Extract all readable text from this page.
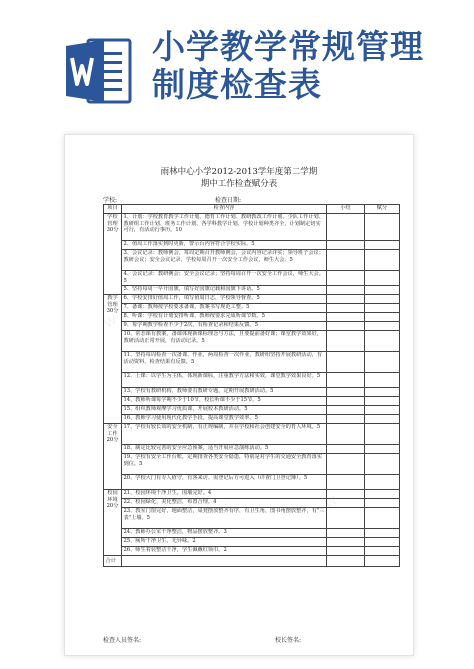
小学教学常规管理
制度检查表
W
W
雨林中心小学2012-2013学年度第二学期
期中工作检查赋分表
学校:	检查日期:
项目	检查内容	小结	赋分
学校管理30分	1、计划：学校教育教学工作计划、德育工作计划、教研教改工作计划、少队工作计划、教研组工作计划、班务工作计划、各学科教学计划、学校计划种类齐全，计划制定切实可行，有活动行事历。10		
	2、值周工作落实到时更新，警示台内容符合学校实际。5		
	3、会议记录：教师例会，每周定期召开教师例会，会议内容记录详实；领导班子会议；教研会议；安全会议记录，学校每周召开一次安全工作会议，师生大会。5		
	4、会议记录：教研例会；安全会议记录；坚持每周召开一次安全工作会议，师生大会。5		
	5、坚持每周一早升国旗，填写好国旗记载和国旗下讲话。5		
教学管理30分	6、学校安排好值周工作，填写值周日志，学校领导督查。5		
	7、备课：教师按学校要求备课，教案书写规范工整。5		
	8、听课：学校有计划安排听课，教师按要求完成听课节数。5		
	9、每学期教学检查不少于2次，有检查记录和结果反馈。5		
	10、常态课有教案，备课体现新课标理念与方法，且要提前备好课；课堂教学效果好，教研活动正常开展，有活动记录。5		
	11、坚持每周检查一次备课、作业，两周检查一次作业，教研组坚持开展教研活动，有活动资料，检查结果有反馈。5		
	12、上课：以学生为主体，体现新课标，注重教学方法和实效，课堂教学效果良好。5		
	13、学校有教研机构，教师要有教研专题，定期开展教研活动。5		
	14、教师听课每学期不少于10节，校长听课不少于15节。5		
	15、组织教师观摩学习优质课，开展校本教研活动。5		
	16、教师学习使用现代化教学手段，提高课堂教学效率。5		
安全工作20分	17、学校有较长效的安全机制，有正规编制，并在学校和社会创建安全的育人环境。5		
	18、制定比较完善的安全应急预案，适当开展应急演练活动。5		
	19、学校有安全工作台账，定期排查各类安全隐患，特别是对学生的交通安全教育落实到位。5		
	20、学校大门有专人值守，有客来访、需登记后方可进入（详查门卫登记簿）。5		
校园环境20分	21、校园环境干净卫生，围墙完好。4		
	22、校园绿化、美化整洁，布置合理。4		
	23、教室门窗完好，地面整洁，桌凳摆放整齐有序，有卫生角，图书角摆放整齐，有"三表"上墙。5		
	24、教师办公室干净整洁，物品摆放整齐。3		
	25、厕所干净卫生，无异味。2		
	26、师生着装整洁干净，学生佩戴红领巾。2		
合计			
检查人员签名:	校长签名:
